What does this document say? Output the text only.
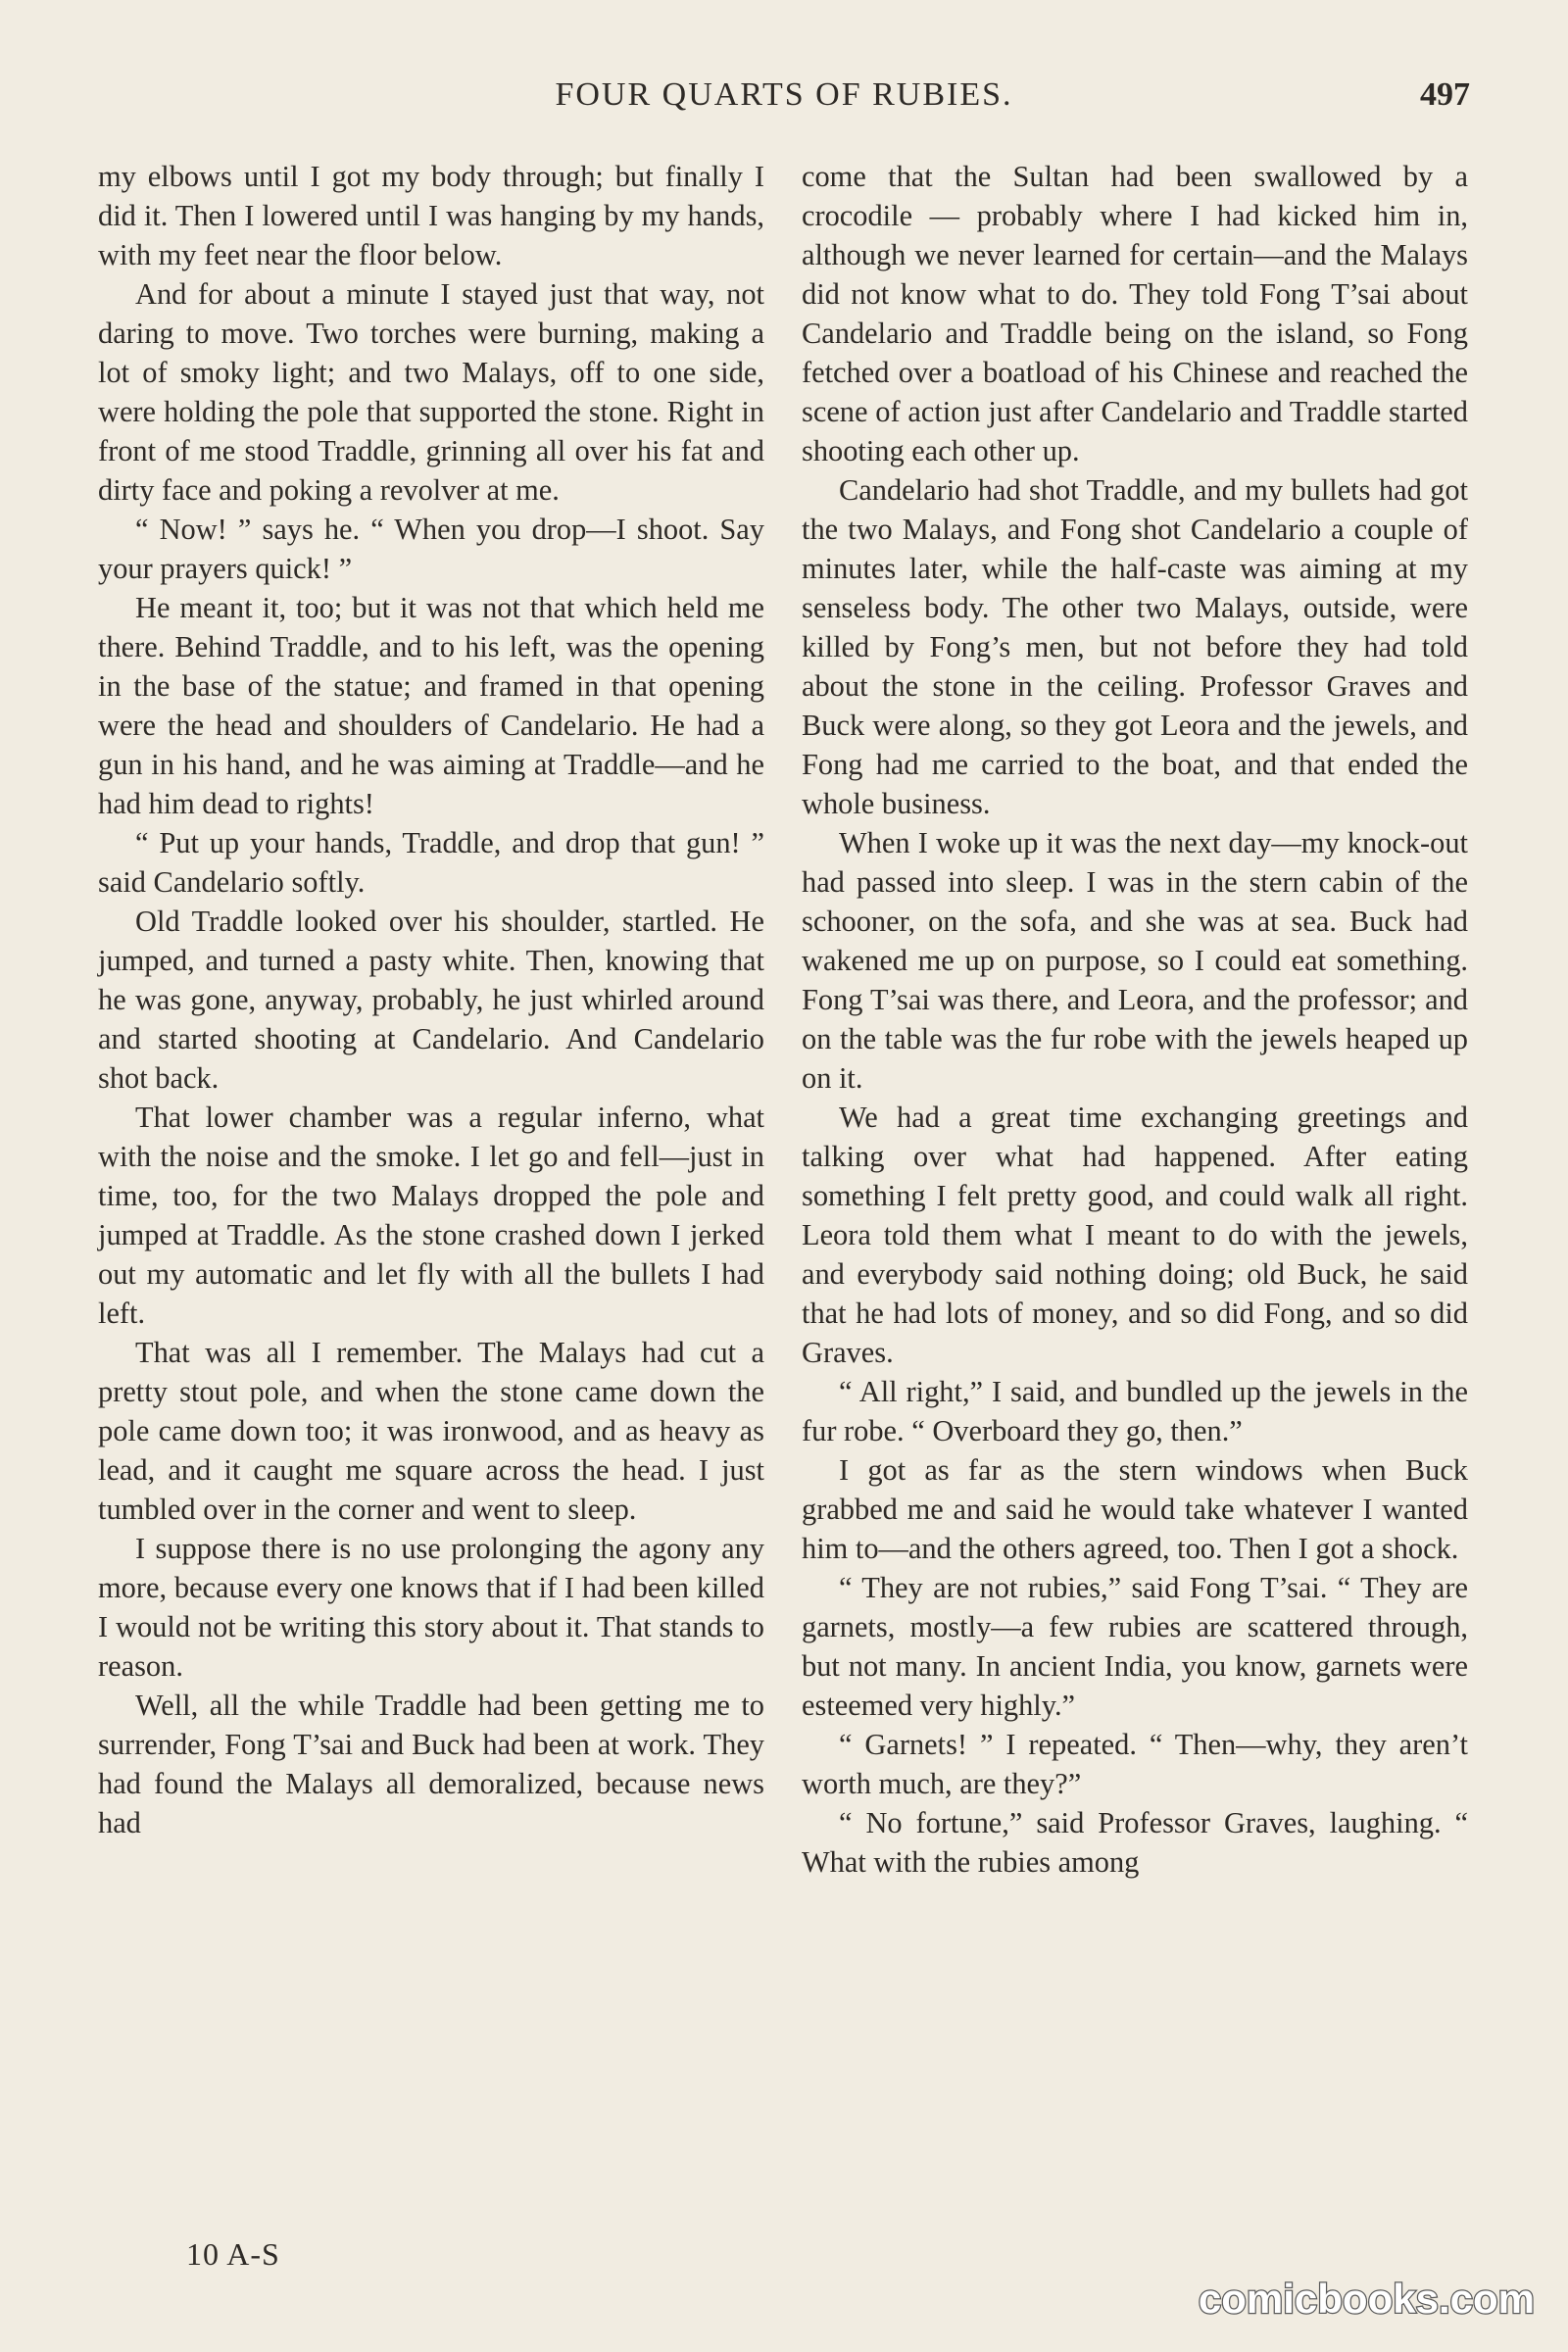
FOUR QUARTS OF RUBIES.	497

my elbows until I got my body through; but finally I did it. Then I lowered until I was hanging by my hands, with my feet near the floor below.

And for about a minute I stayed just that way, not daring to move. Two torches were burning, making a lot of smoky light; and two Malays, off to one side, were holding the pole that supported the stone. Right in front of me stood Traddle, grinning all over his fat and dirty face and poking a revolver at me.

“ Now! ” says he. “ When you drop—I shoot. Say your prayers quick! ”

He meant it, too; but it was not that which held me there. Behind Traddle, and to his left, was the opening in the base of the statue; and framed in that opening were the head and shoulders of Candelario. He had a gun in his hand, and he was aiming at Traddle—and he had him dead to rights!

“ Put up your hands, Traddle, and drop that gun! ” said Candelario softly.

Old Traddle looked over his shoulder, startled. He jumped, and turned a pasty white. Then, knowing that he was gone, anyway, probably, he just whirled around and started shooting at Candelario. And Candelario shot back.

That lower chamber was a regular inferno, what with the noise and the smoke. I let go and fell—just in time, too, for the two Malays dropped the pole and jumped at Traddle. As the stone crashed down I jerked out my automatic and let fly with all the bullets I had left.

That was all I remember. The Malays had cut a pretty stout pole, and when the stone came down the pole came down too; it was ironwood, and as heavy as lead, and it caught me square across the head. I just tumbled over in the corner and went to sleep.

I suppose there is no use prolonging the agony any more, because every one knows that if I had been killed I would not be writing this story about it. That stands to reason.

Well, all the while Traddle had been getting me to surrender, Fong T’sai and Buck had been at work. They had found the Malays all demoralized, because news had

come that the Sultan had been swallowed by a crocodile — probably where I had kicked him in, although we never learned for certain—and the Malays did not know what to do. They told Fong T’sai about Candelario and Traddle being on the island, so Fong fetched over a boatload of his Chinese and reached the scene of action just after Candelario and Traddle started shooting each other up.

Candelario had shot Traddle, and my bullets had got the two Malays, and Fong shot Candelario a couple of minutes later, while the half-caste was aiming at my senseless body. The other two Malays, outside, were killed by Fong’s men, but not before they had told about the stone in the ceiling. Professor Graves and Buck were along, so they got Leora and the jewels, and Fong had me carried to the boat, and that ended the whole business.

When I woke up it was the next day—my knock-out had passed into sleep. I was in the stern cabin of the schooner, on the sofa, and she was at sea. Buck had wakened me up on purpose, so I could eat something. Fong T’sai was there, and Leora, and the professor; and on the table was the fur robe with the jewels heaped up on it.

We had a great time exchanging greetings and talking over what had happened. After eating something I felt pretty good, and could walk all right. Leora told them what I meant to do with the jewels, and everybody said nothing doing; old Buck, he said that he had lots of money, and so did Fong, and so did Graves.

“ All right,” I said, and bundled up the jewels in the fur robe. “ Overboard they go, then.”

I got as far as the stern windows when Buck grabbed me and said he would take whatever I wanted him to—and the others agreed, too. Then I got a shock.

“ They are not rubies,” said Fong T’sai. “ They are garnets, mostly—a few rubies are scattered through, but not many. In ancient India, you know, garnets were esteemed very highly.”

“ Garnets! ” I repeated. “ Then—why, they aren’t worth much, are they?”

“ No fortune,” said Professor Graves, laughing. “ What with the rubies among

10 A-S
comicbooks.com
